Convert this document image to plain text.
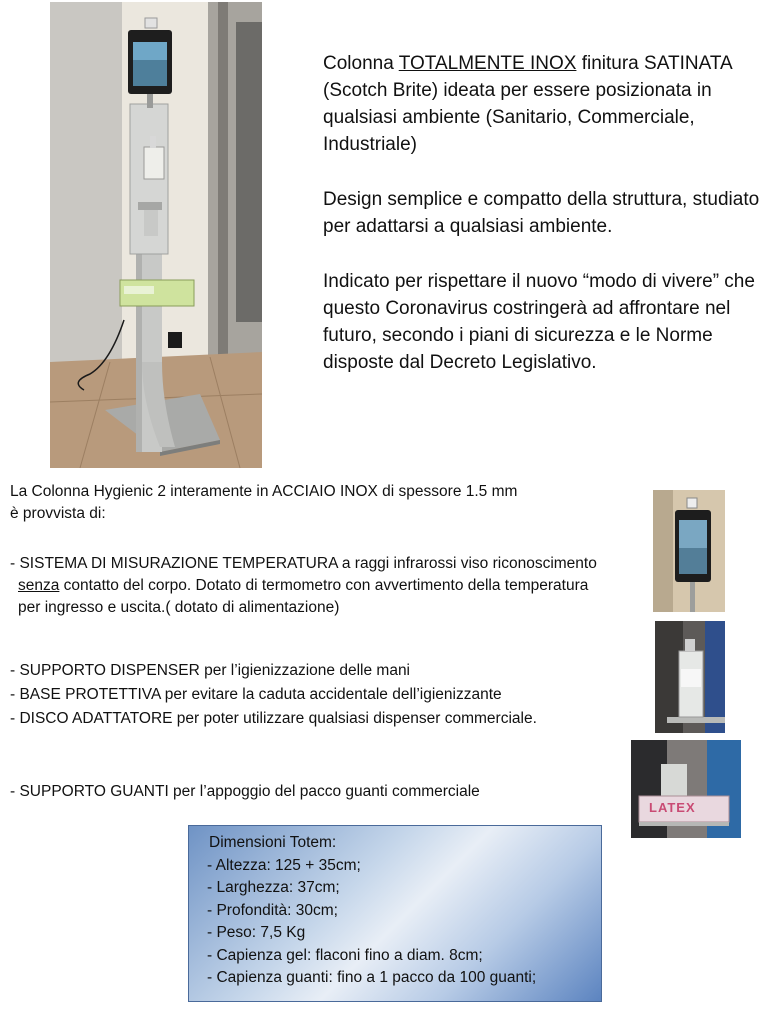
Colonna TOTALMENTE INOX finitura SATINATA (Scotch Brite) ideata per essere posizionata in qualsiasi ambiente (Sanitario, Commerciale, Industriale)

Design semplice e compatto della struttura, studiato per adattarsi a qualsiasi ambiente.

Indicato per rispettare il nuovo “modo di vivere” che questo Coronavirus costringerà ad affrontare nel futuro, secondo i piani di sicurezza e le Norme disposte dal Decreto Legislativo.

La Colonna Hygienic 2 interamente in ACCIAIO INOX di spessore 1.5 mm
è provvista di:
- SISTEMA DI MISURAZIONE TEMPERATURA a raggi infrarossi viso riconoscimento
senza contatto del corpo. Dotato di termometro con avvertimento della temperatura
per ingresso e uscita.( dotato di alimentazione)
- SUPPORTO DISPENSER per l’igienizzazione delle mani
- BASE PROTETTIVA per evitare la caduta accidentale dell’igienizzante
- DISCO ADATTATORE per poter utilizzare qualsiasi dispenser commerciale.
- SUPPORTO GUANTI per l’appoggio del pacco guanti commerciale
LATEX
Dimensioni Totem:
- Altezza: 125 + 35cm;
- Larghezza: 37cm;
- Profondità: 30cm;
- Peso: 7,5 Kg
- Capienza gel: flaconi fino a diam. 8cm;
- Capienza guanti: fino a 1 pacco da 100 guanti;
